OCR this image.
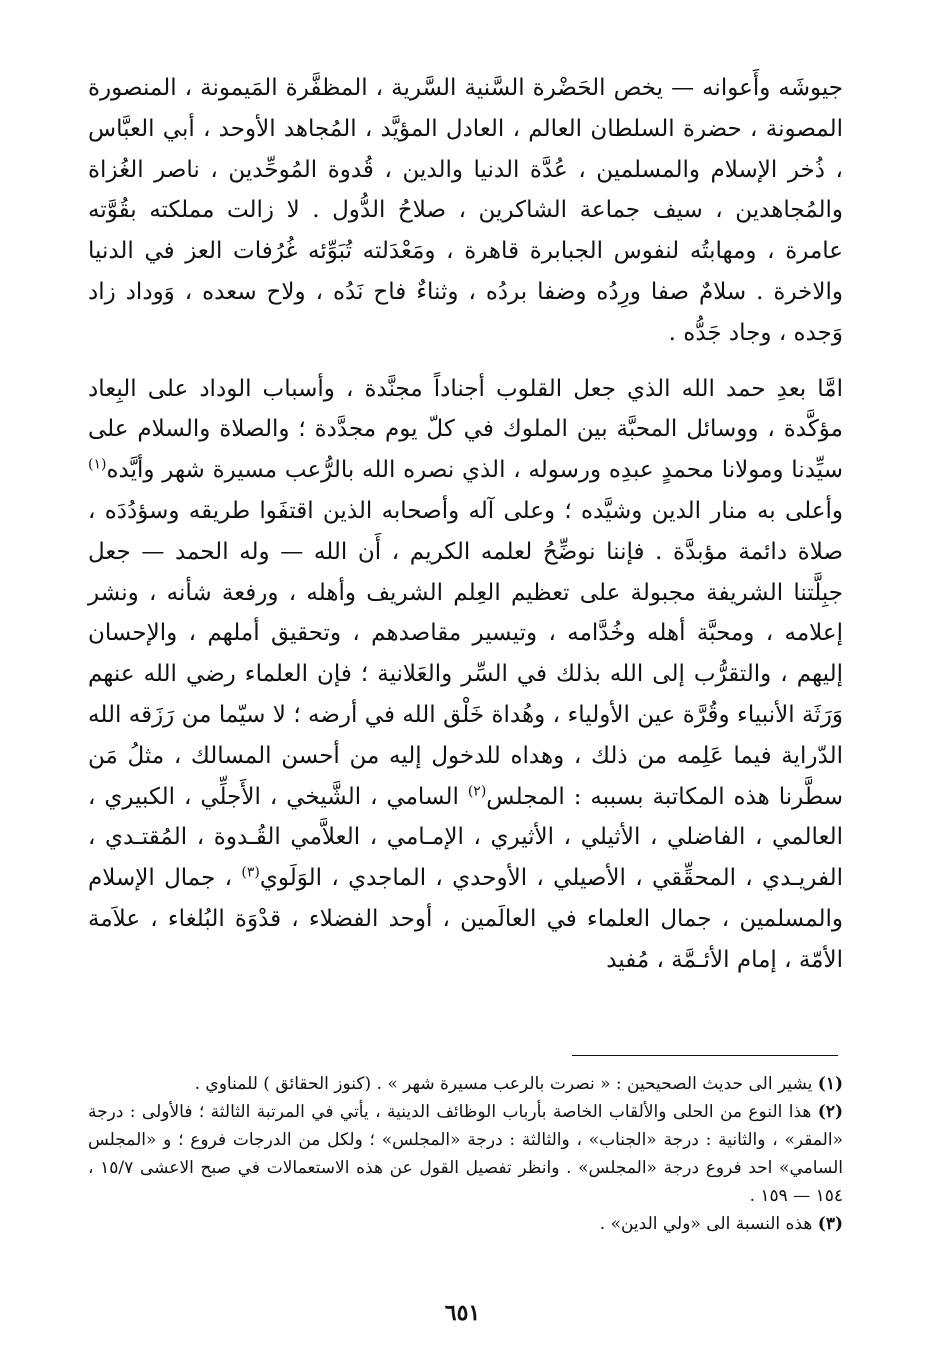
جيوشَه وأَعوانه — يخص الحَضْرة السَّنية السَّرية ، المظفَّرة المَيمونة ، المنصورة المصونة ، حضرة السلطان العالم ، العادل المؤيَّد ، المُجاهد الأوحد ، أبي العبَّاس ، ذُخر الإسلام والمسلمين ، عُدَّة الدنيا والدين ، قُدوة المُوحِّدين ، ناصر الغُزاة والمُجاهدين ، سيف جماعة الشاكرين ، صلاحُ الدُّول . لا زالت مملكته بقُوَّته عامرة ، ومهابتُه لنفوس الجبابرة قاهرة ، ومَعْدَلته تُبَوِّئه غُرُفات العز في الدنيا والاخرة . سلامٌ صفا ورِدُه وضفا بردُه ، وثناءٌ فاح نَدُه ، ولاح سعده ، وَوداد زاد وَجده ، وجاد جَدُّه .

امَّا بعدِ حمد الله الذي جعل القلوب أجناداً مجنَّدة ، وأسباب الوداد على البِعاد مؤكَّدة ، ووسائل المحبَّة بين الملوك في كلّ يوم مجدَّدة ؛ والصلاة والسلام على سيِّدنا ومولانا محمدٍ عبدِه ورسوله ، الذي نصره الله بالرُّعب مسيرة شهر وأيَّده$^{(١)}$ وأعلى به منار الدين وشيَّده ؛ وعلى آله وأصحابه الذين اقتفَوا طريقه وسؤدُدَه ، صلاة دائمة مؤبدَّة . فإننا نوضِّحُ لعلمه الكريم ، أَن الله — وله الحمد — جعل جبِلَّتنا الشريفة مجبولة على تعظيم العِلم الشريف وأهله ، ورفعة شأنه ، ونشر إعلامه ، ومحبَّة أهله وخُدَّامه ، وتيسير مقاصدهم ، وتحقيق أملهم ، والإحسان إليهم ، والتقرُّب إلى الله بذلك في السِّر والعَلانية ؛ فإن العلماء رضي الله عنهم وَرَثَة الأنبياء وقُرَّة عين الأولياء ، وهُداة خَلْق الله في أرضه ؛ لا سيّما من رَزَقه الله الدّراية فيما عَلِمه من ذلك ، وهداه للدخول إليه من أحسن المسالك ، مثلُ مَن سطَّرنا هذه المكاتبة بسببه : المجلس$^{(٢)}$ السامي ، الشَّيخي ، الأَجلِّي ، الكبيري ، العالمي ، الفاضلي ، الأثيلي ، الأثيري ، الإمـامي ، العلاَّمي القُـدوة ، المُقتـدي ، الفريـدي ، المحقِّقي ، الأصيلي ، الأوحدي ، الماجدي ، الوَلَوي$^{(٣)}$ ، جمال الإسلام والمسلمين ، جمال العلماء في العالَمين ، أوحد الفضلاء ، قدْوَة البُلغاء ، علاَمة الأمّة ، إمام الأئـمَّة ، مُفيد

(١) يشير الى حديث الصحيحين : « نصرت بالرعب مسيرة شهر » . (كنوز الحقائق ) للمناوي .

(٢) هذا النوع من الحلى والألقاب الخاصة بأرباب الوظائف الدينية ، يأتي في المرتبة الثالثة ؛ فالأولى : درجة «المقر» ، والثانية : درجة «الجناب» ، والثالثة : درجة «المجلس» ؛ ولكل من الدرجات فروع ؛ و «المجلس السامي» احد فروع درجة «المجلس» . وانظر تفصيل القول عن هذه الاستعمالات في صبح الاعشى ١٥/٧ ، ١٥٤ — ١٥٩ .

(٣) هذه النسبة الى «ولي الدين» .

٦٥١
